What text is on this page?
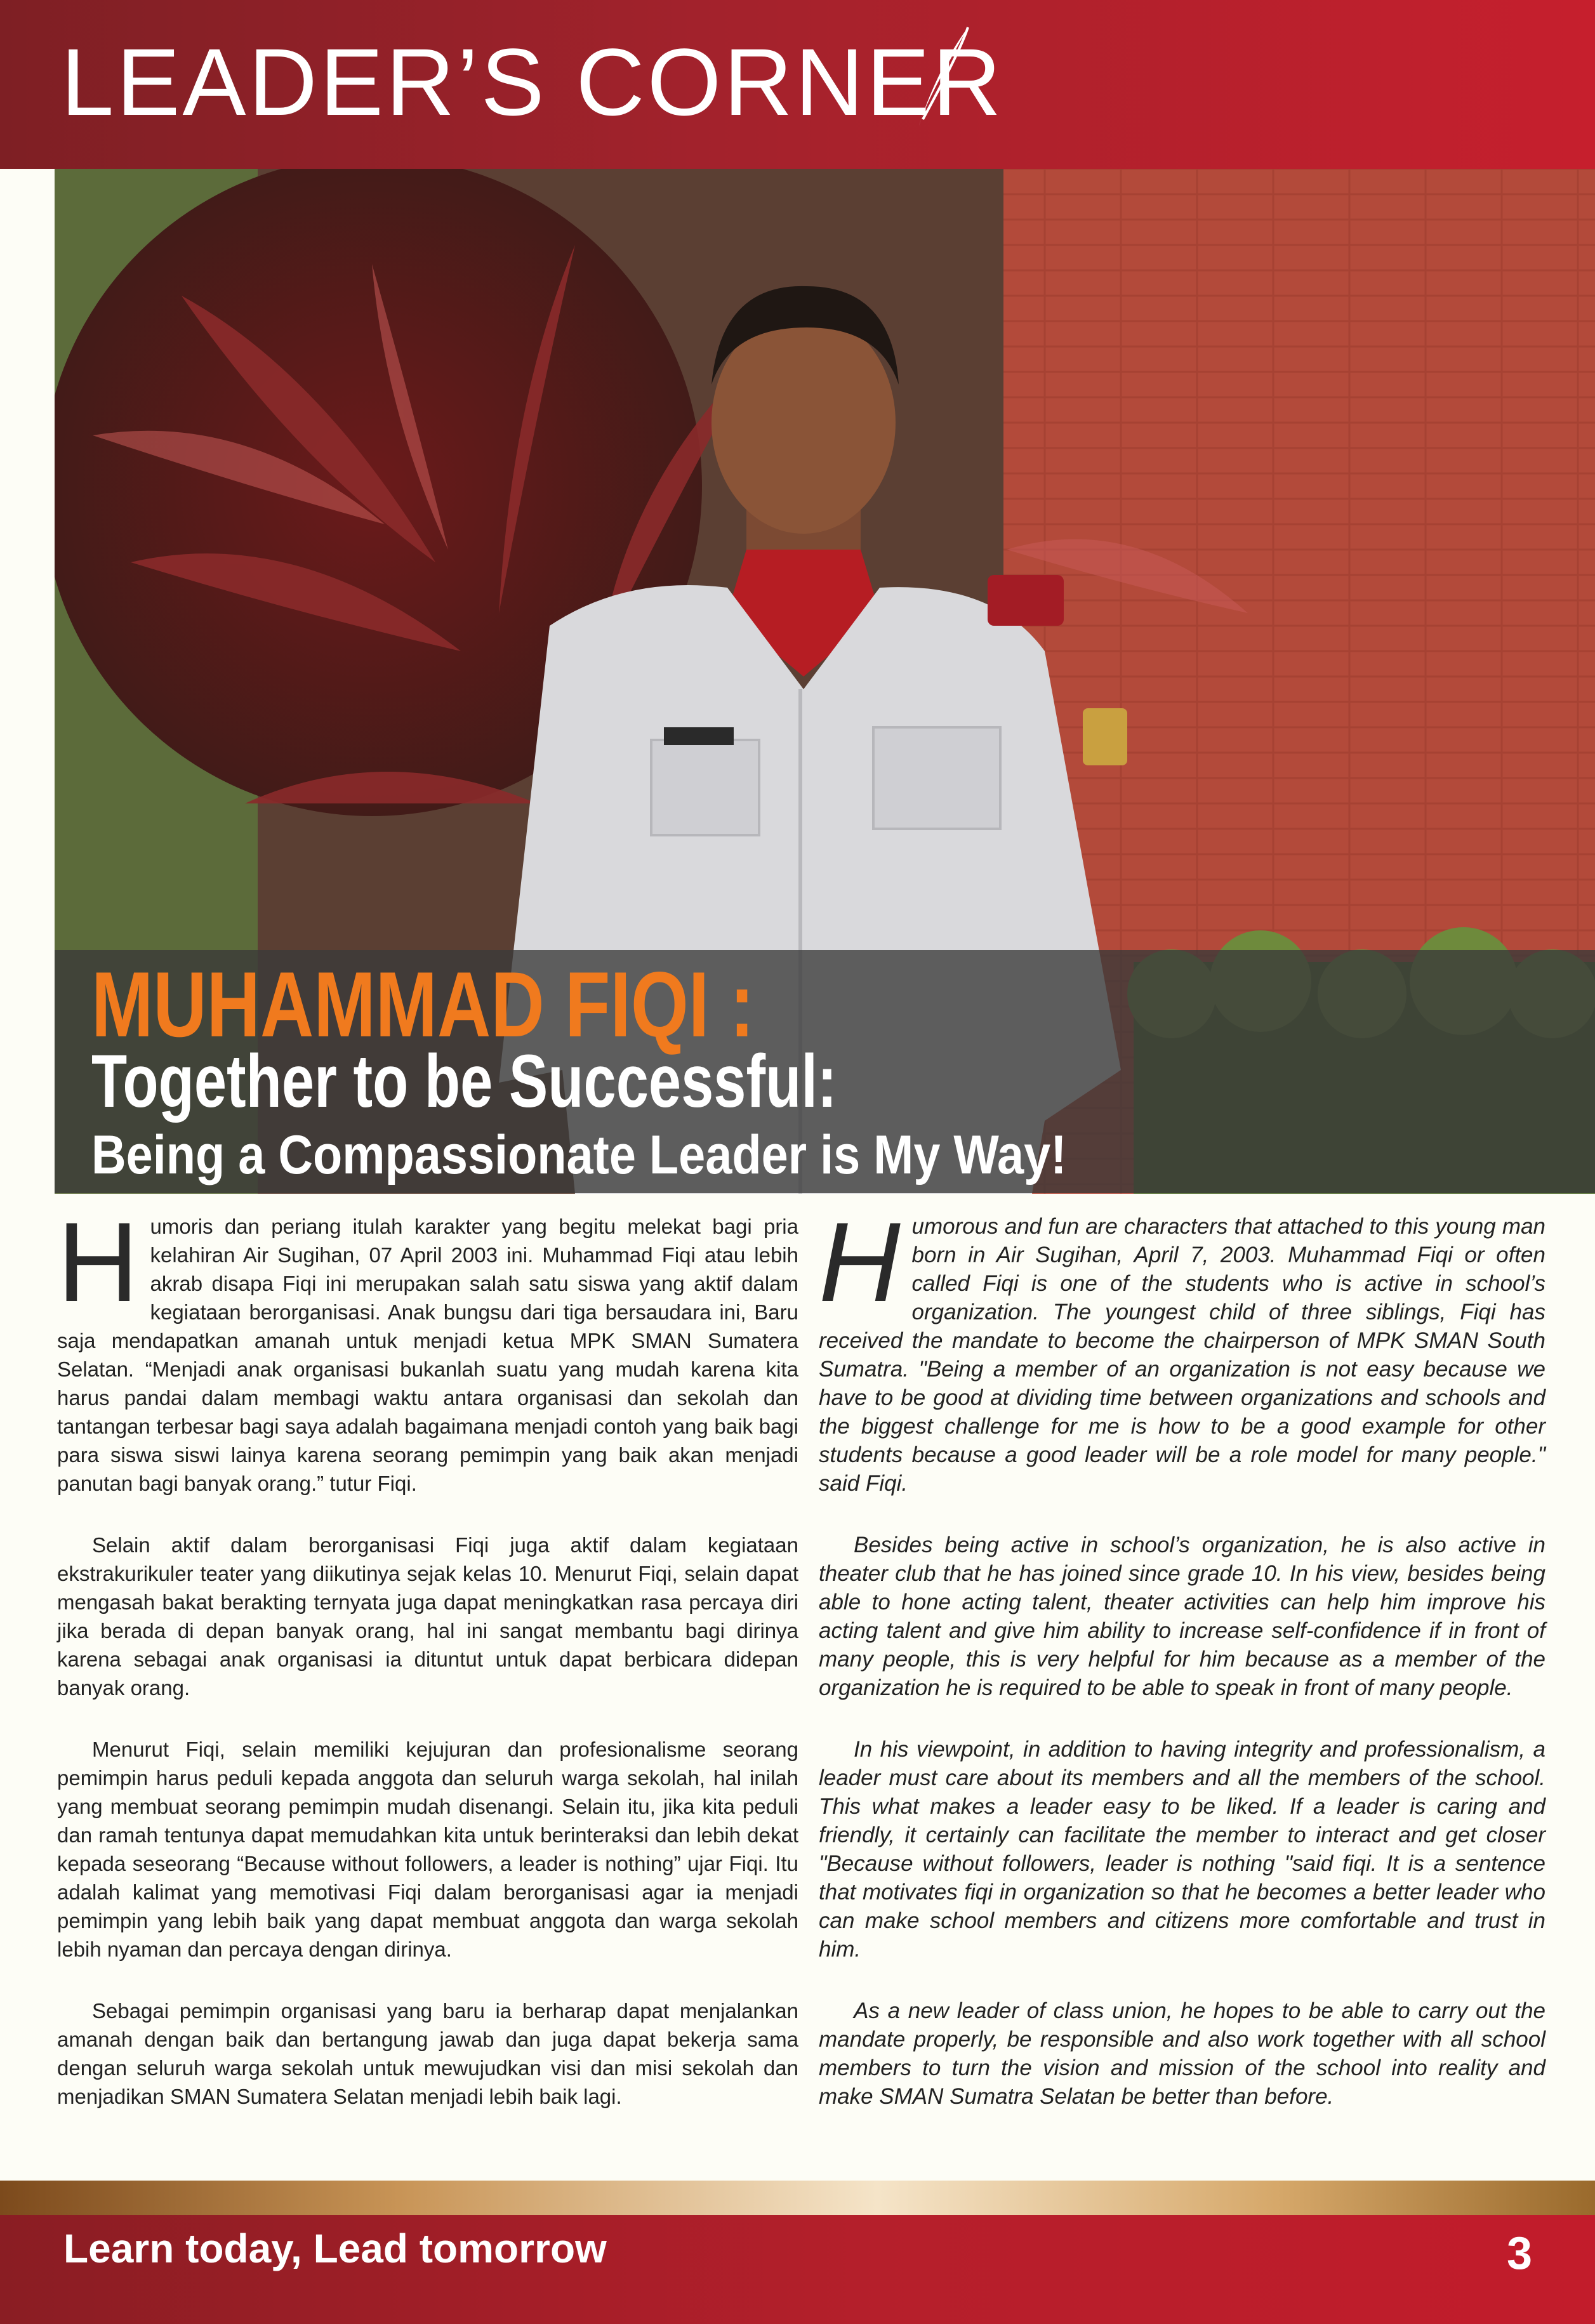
LEADER’S CORNER
MUHAMMAD FIQI :
Together to be Successful:
Being a Compassionate Leader is My Way!

Humoris dan periang itulah karakter yang begitu melekat bagi pria kelahiran Air Sugihan, 07 April 2003 ini. Muhammad Fiqi atau lebih akrab disapa Fiqi ini merupakan salah satu siswa yang aktif dalam kegiataan berorganisasi. Anak bungsu dari tiga bersaudara ini, Baru saja mendapatkan amanah untuk menjadi ketua MPK SMAN Sumatera Selatan. “Menjadi anak organisasi bukanlah suatu yang mudah karena kita harus pandai dalam membagi waktu antara organisasi dan sekolah dan tantangan terbesar bagi saya adalah bagaimana menjadi contoh yang baik bagi para siswa siswi lainya karena seorang pemimpin yang baik akan menjadi panutan bagi banyak orang.” tutur Fiqi.

Selain aktif dalam berorganisasi Fiqi juga aktif dalam kegiataan ekstrakurikuler teater yang diikutinya sejak kelas 10. Menurut Fiqi, selain dapat mengasah bakat berakting ternyata juga dapat meningkatkan rasa percaya diri jika berada di depan banyak orang, hal ini sangat membantu bagi dirinya karena sebagai anak organisasi ia dituntut untuk dapat berbicara didepan banyak orang.

Menurut Fiqi, selain memiliki kejujuran dan profesionalisme seorang pemimpin harus peduli kepada anggota dan seluruh warga sekolah, hal inilah yang membuat seorang pemimpin mudah disenangi. Selain itu, jika kita peduli dan ramah tentunya dapat memudahkan kita untuk berinteraksi dan lebih dekat kepada seseorang “Because without followers, a leader is nothing” ujar Fiqi. Itu adalah kalimat yang memotivasi Fiqi dalam berorganisasi agar ia menjadi pemimpin yang lebih baik yang dapat membuat anggota dan warga sekolah lebih nyaman dan percaya dengan dirinya.

Sebagai pemimpin organisasi yang baru ia berharap dapat menjalankan amanah dengan baik dan bertangung jawab dan juga dapat bekerja sama dengan seluruh warga sekolah untuk mewujudkan visi dan misi sekolah dan menjadikan SMAN Sumatera Selatan menjadi lebih baik lagi.

Humorous and fun are characters that attached to this young man born in Air Sugihan, April 7, 2003. Muhammad Fiqi or often called Fiqi is one of the students who is active in school’s organization. The youngest child of three siblings, Fiqi has received the mandate to become the chairperson of MPK SMAN South Sumatra. "Being a member of an organization is not easy because we have to be good at dividing time between organizations and schools and the biggest challenge for me is how to be a good example for other students because a good leader will be a role model for many people." said Fiqi.

Besides being active in school’s organization, he is also active in theater club that he has joined since grade 10. In his view, besides being able to hone acting talent, theater activities can help him improve his acting talent and give him ability to increase self-confidence if in front of many people, this is very helpful for him because as a member of the organization he is required to be able to speak in front of many people.

In his viewpoint, in addition to having integrity and professionalism, a leader must care about its members and all the members of the school. This what makes a leader easy to be liked. If a leader is caring and friendly, it certainly can facilitate the member to interact and get closer "Because without followers, leader is nothing "said fiqi. It is a sentence that motivates fiqi in organization so that he becomes a better leader who can make school members and citizens more comfortable and trust in him.

As a new leader of class union, he hopes to be able to carry out the mandate properly, be responsible and also work together with all school members to turn the vision and mission of the school into reality and make SMAN Sumatra Selatan be better than before.

Learn today, Lead tomorrow	3
